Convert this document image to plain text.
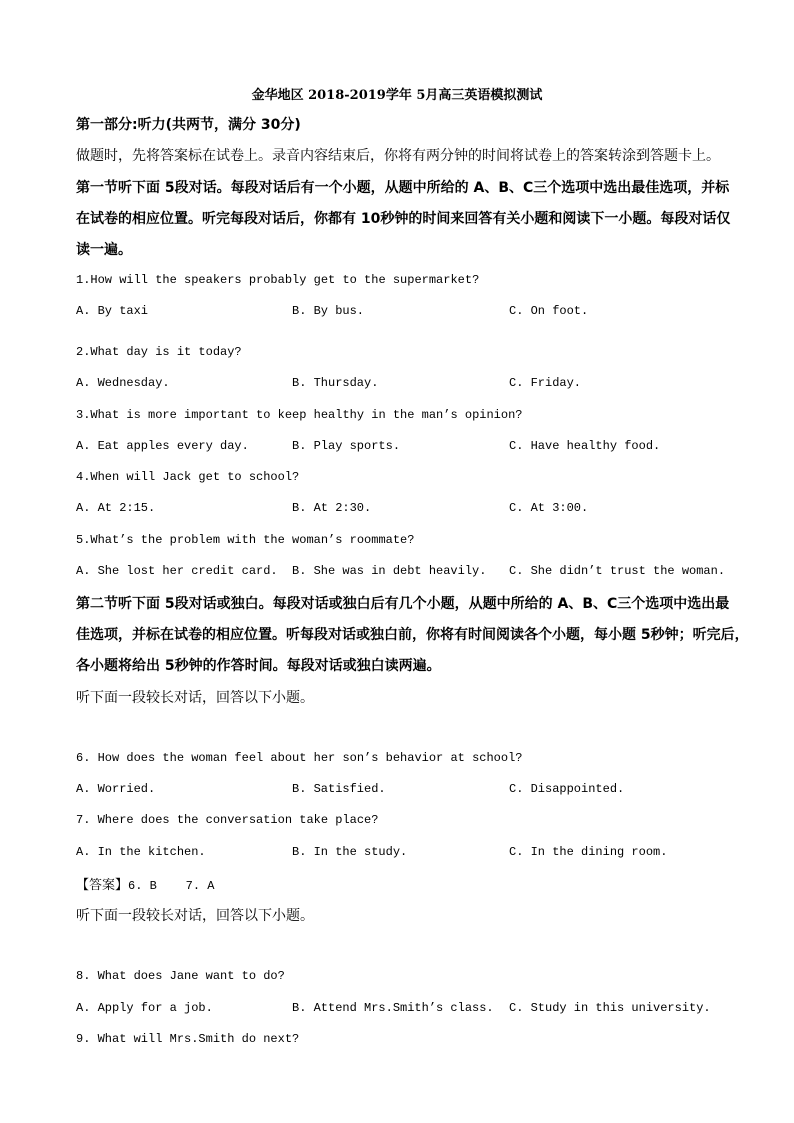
金华地区 2018-2019学年 5月高三英语模拟测试
第一部分:听力(共两节，满分 30分)
做题时，先将答案标在试卷上。录音内容结束后，你将有两分钟的时间将试卷上的答案转涂到答题卡上。
第一节听下面 5段对话。每段对话后有一个小题，从题中所给的 A、B、C三个选项中选出最佳选项，并标
在试卷的相应位置。听完每段对话后，你都有 10秒钟的时间来回答有关小题和阅读下一小题。每段对话仅
读一遍。
1.How will the speakers probably get to the supermarket?
A. By taxi	B. By bus.	C. On foot.
2.What day is it today?
A. Wednesday.	B. Thursday.	C. Friday.
3.What is more important to keep healthy in the man’s opinion?
A. Eat apples every day.	B. Play sports.	C. Have healthy food.
4.When will Jack get to school?
A. At 2:15.	B. At 2:30.	C. At 3:00.
5.What’s the problem with the woman’s roommate?
A. She lost her credit card. B. She was in debt heavily. C. She didn’t trust the woman.
第二节听下面 5段对话或独白。每段对话或独白后有几个小题，从题中所给的 A、B、C三个选项中选出最
佳选项，并标在试卷的相应位置。听每段对话或独白前，你将有时间阅读各个小题，每小题 5秒钟；听完后，
各小题将给出 5秒钟的作答时间。每段对话或独白读两遍。
听下面一段较长对话，回答以下小题。
6. How does the woman feel about her son’s behavior at school?
A. Worried.	B. Satisfied.	C. Disappointed.
7. Where does the conversation take place?
A. In the kitchen.	B. In the study.	C. In the dining room.
【答案】6. B    7. A
听下面一段较长对话，回答以下小题。
8. What does Jane want to do?
A. Apply for a job.	B. Attend Mrs.Smith’s class. C. Study in this university.
9. What will Mrs.Smith do next?
